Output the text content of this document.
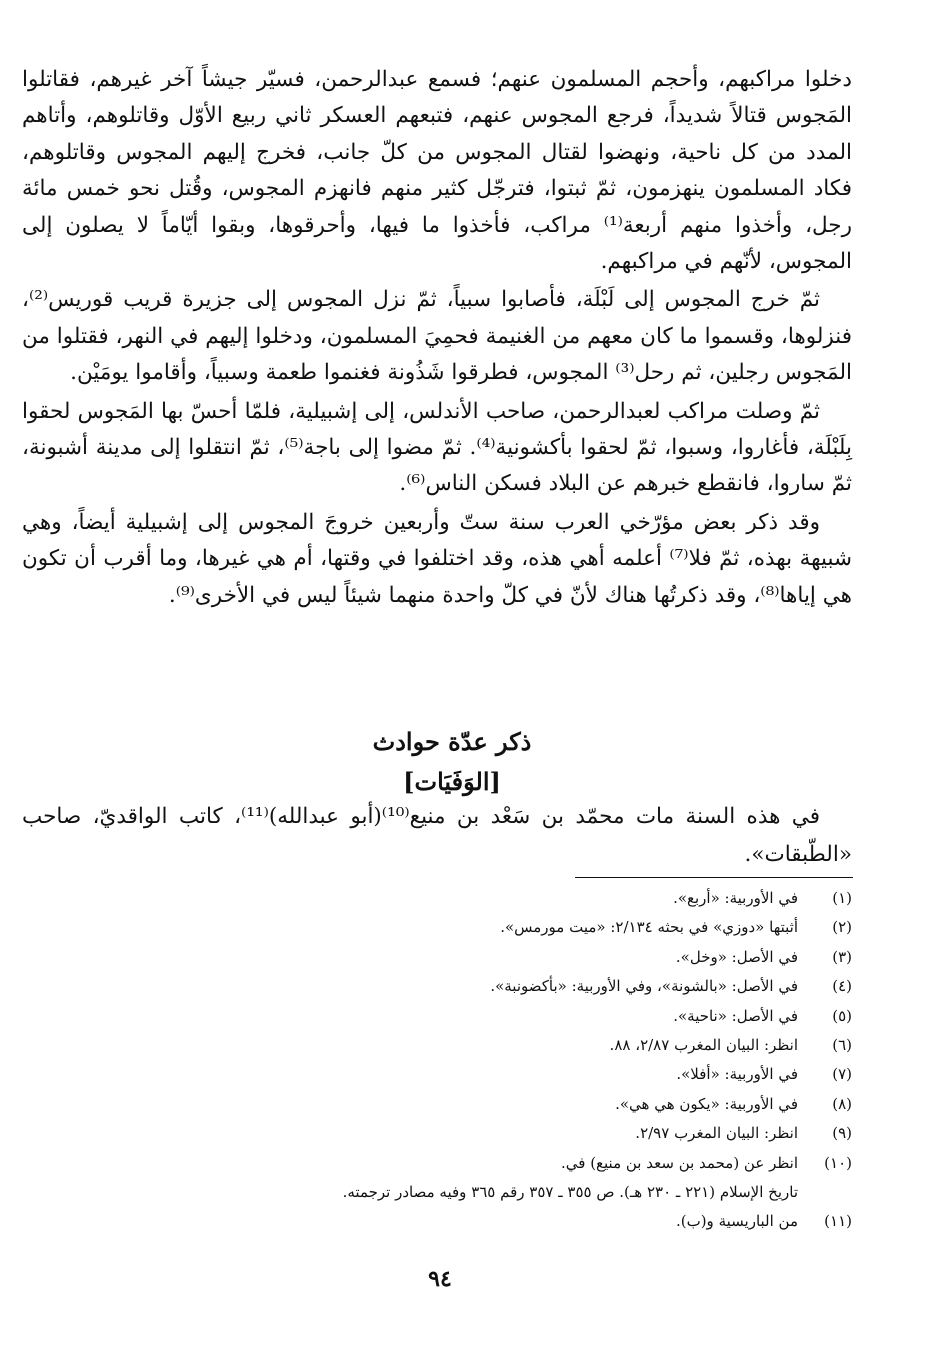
دخلوا مراكبهم، وأحجم المسلمون عنهم؛ فسمع عبدالرحمن، فسيّر جيشاً آخر غيرهم، فقاتلوا المَجوس قتالاً شديداً، فرجع المجوس عنهم، فتبعهم العسكر ثاني ربيع الأوّل وقاتلوهم، وأتاهم المدد من كل ناحية، ونهضوا لقتال المجوس من كلّ جانب، فخرج إليهم المجوس وقاتلوهم، فكاد المسلمون ينهزمون، ثمّ ثبتوا، فترجّل كثير منهم فانهزم المجوس، وقُتل نحو خمس مائة رجل، وأخذوا منهم أربعة⁽¹⁾ مراكب، فأخذوا ما فيها، وأحرقوها، وبقوا أيّاماً لا يصلون إلى المجوس، لأنّهم في مراكبهم.

ثمّ خرج المجوس إلى لَبْلَة، فأصابوا سبياً، ثمّ نزل المجوس إلى جزيرة قريب قوريس⁽²⁾، فنزلوها، وقسموا ما كان معهم من الغنيمة فحمِيَ المسلمون، ودخلوا إليهم في النهر، فقتلوا من المَجوس رجلين، ثم رحل⁽³⁾ المجوس، فطرقوا شَذُونة فغنموا طعمة وسبياً، وأقاموا يومَيْن.

ثمّ وصلت مراكب لعبدالرحمن، صاحب الأندلس، إلى إشبيلية، فلمّا أحسّ بها المَجوس لحقوا بِلَبْلَة، فأغاروا، وسبوا، ثمّ لحقوا بأكشونية⁽⁴⁾. ثمّ مضوا إلى باجة⁽⁵⁾، ثمّ انتقلوا إلى مدينة أشبونة، ثمّ ساروا، فانقطع خبرهم عن البلاد فسكن الناس⁽⁶⁾.

وقد ذكر بعض مؤرّخي العرب سنة ستّ وأربعين خروجَ المجوس إلى إشبيلية أيضاً، وهي شبيهة بهذه، ثمّ فلا⁽⁷⁾ أعلمه أهي هذه، وقد اختلفوا في وقتها، أم هي غيرها، وما أقرب أن تكون هي إياها⁽⁸⁾، وقد ذكرتُها هناك لأنّ في كلّ واحدة منهما شيئاً ليس في الأخرى⁽⁹⁾.

ذكر عدّة حوادث
[الوَفَيَات]
في هذه السنة مات محمّد بن سَعْد بن منيع⁽¹⁰⁾(أبو عبدالله)⁽¹¹⁾، كاتب الواقديّ، صاحب «الطّبقات».
(١)
في الأوربية: «أربع».
(٢)
أثبتها «دوزي» في بحثه ٢/١٣٤: «ميت مورمس».
(٣)
في الأصل: «وخل».
(٤)
في الأصل: «بالشونة»، وفي الأوربية: «بأكضونبة».
(٥)
في الأصل: «ناحية».
(٦)
انظر: البيان المغرب ٢/٨٧، ٨٨.
(٧)
في الأوربية: «أفلا».
(٨)
في الأوربية: «يكون هي هي».
(٩)
انظر: البيان المغرب ٢/٩٧.
(١٠)
انظر عن (محمد بن سعد بن منيع) في.
تاريخ الإسلام (٢٢١ ـ ٢٣٠ هـ). ص ٣٥٥ ـ ٣٥٧ رقم ٣٦٥ وفيه مصادر ترجمته.
(١١)
من الباريسية و(ب).
٩٤
